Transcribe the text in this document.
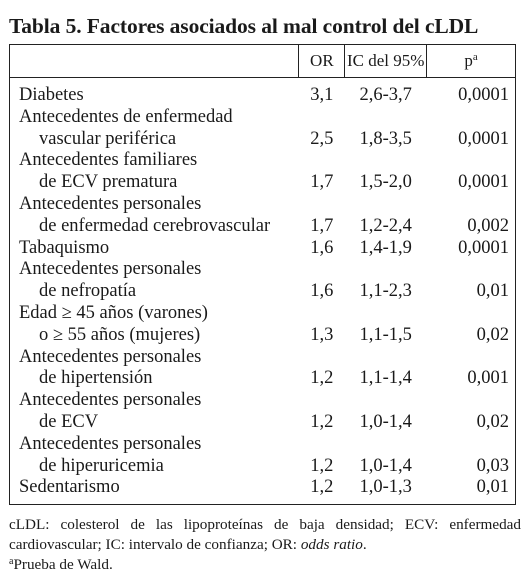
Tabla 5. Factores asociados al mal control del cLDL
	OR	IC del 95%	$p^a$

Diabetes	3,1	2,6-3,7	0,0001

Antecedentes de enfermedad
vascular periférica	2,5	1,8-3,5	0,0001

Antecedentes familiares
de ECV prematura	1,7	1,5-2,0	0,0001

Antecedentes personales
de enfermedad cerebrovascular	1,7	1,2-2,4	0,002

Tabaquismo	1,6	1,4-1,9	0,0001

Antecedentes personales
de nefropatía	1,6	1,1-2,3	0,01

Edad ≥ 45 años (varones)
o ≥ 55 años (mujeres)	1,3	1,1-1,5	0,02

Antecedentes personales
de hipertensión	1,2	1,1-1,4	0,001

Antecedentes personales
de ECV	1,2	1,0-1,4	0,02

Antecedentes personales
de hiperuricemia	1,2	1,0-1,4	0,03

Sedentarismo	1,2	1,0-1,3	0,01
cLDL: colesterol de las lipoproteínas de baja densidad; ECV: enfermedad cardiovascular; IC: intervalo de confianza; OR: odds ratio.
$^a$Prueba de Wald.
